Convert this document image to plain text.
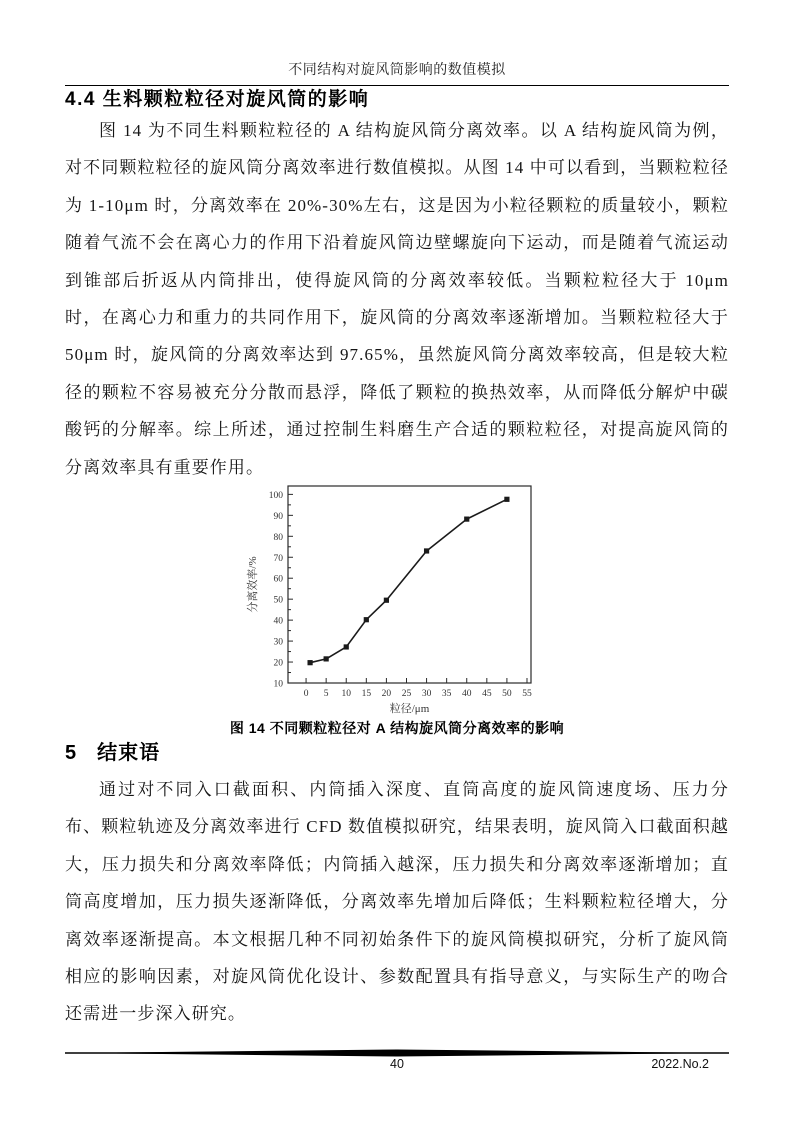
不同结构对旋风筒影响的数值模拟
4.4 生料颗粒粒径对旋风筒的影响
图 14 为不同生料颗粒粒径的 A 结构旋风筒分离效率。以 A 结构旋风筒为例，对不同颗粒粒径的旋风筒分离效率进行数值模拟。从图 14 中可以看到，当颗粒粒径为 1-10μm 时，分离效率在 20%-30%左右，这是因为小粒径颗粒的质量较小，颗粒随着气流不会在离心力的作用下沿着旋风筒边壁螺旋向下运动，而是随着气流运动到锥部后折返从内筒排出，使得旋风筒的分离效率较低。当颗粒粒径大于 10μm 时，在离心力和重力的共同作用下，旋风筒的分离效率逐渐增加。当颗粒粒径大于 50μm 时，旋风筒的分离效率达到 97.65%，虽然旋风筒分离效率较高，但是较大粒径的颗粒不容易被充分分散而悬浮，降低了颗粒的换热效率，从而降低分解炉中碳酸钙的分解率。综上所述，通过控制生料磨生产合适的颗粒粒径，对提高旋风筒的分离效率具有重要作用。
0 5 10 15 20 25 30 35 40 45 50 55
10
20
30
40
50
60
70
80
90
100
粒径/μm
分离效率/%
图 14 不同颗粒粒径对 A 结构旋风筒分离效率的影响
5 结束语
通过对不同入口截面积、内筒插入深度、直筒高度的旋风筒速度场、压力分布、颗粒轨迹及分离效率进行 CFD 数值模拟研究，结果表明，旋风筒入口截面积越大，压力损失和分离效率降低；内筒插入越深，压力损失和分离效率逐渐增加；直筒高度增加，压力损失逐渐降低，分离效率先增加后降低；生料颗粒粒径增大，分离效率逐渐提高。本文根据几种不同初始条件下的旋风筒模拟研究，分析了旋风筒相应的影响因素，对旋风筒优化设计、参数配置具有指导意义，与实际生产的吻合还需进一步深入研究。
40	2022.No.2
